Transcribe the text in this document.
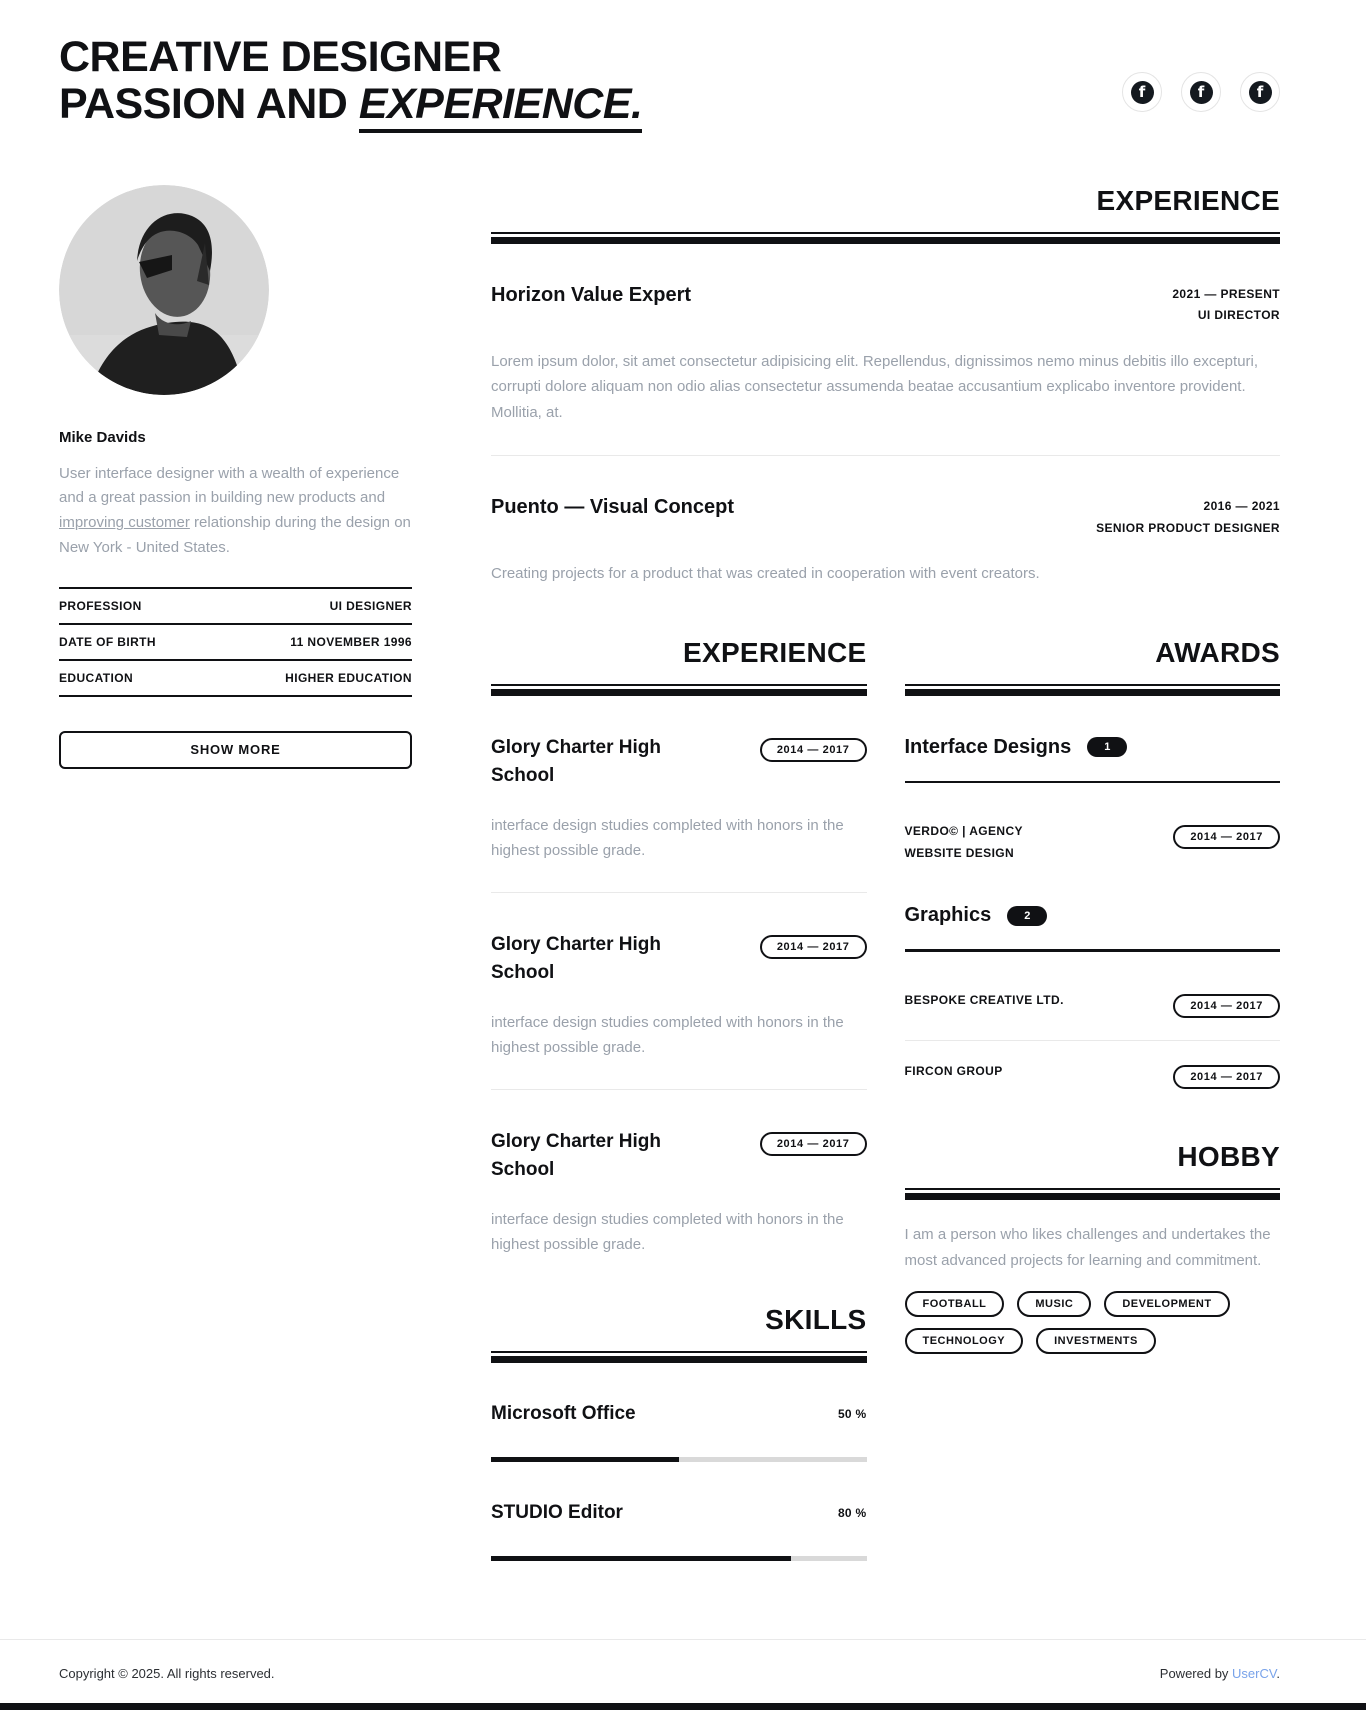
CREATIVE DESIGNER
PASSION AND EXPERIENCE.	f	f	f
Mike Davids

User interface designer with a wealth of experience and a great passion in building new products and improving customer relationship during the design on New York - United States.

PROFESSION	UI DESIGNER
DATE OF BIRTH	11 NOVEMBER 1996
EDUCATION	HIGHER EDUCATION
SHOW MORE
EXPERIENCE
Horizon Value Expert	2021 — PRESENT
UI DIRECTOR

Lorem ipsum dolor, sit amet consectetur adipisicing elit. Repellendus, dignissimos nemo minus debitis illo excepturi, corrupti dolore aliquam non odio alias consectetur assumenda beatae accusantium explicabo inventore provident. Mollitia, at.

Puento — Visual Concept	2016 — 2021
SENIOR PRODUCT DESIGNER

Creating projects for a product that was created in cooperation with event creators.

EXPERIENCE
Glory Charter High School
2014 — 2017

interface design studies completed with honors in the highest possible grade.

Glory Charter High School
2014 — 2017

interface design studies completed with honors in the highest possible grade.

Glory Charter High School
2014 — 2017

interface design studies completed with honors in the highest possible grade.

SKILLS
Microsoft Office	50 %
STUDIO Editor	80 %
AWARDS
Interface Designs	1
VERDO© | AGENCY
WEBSITE DESIGN
2014 — 2017
Graphics	2
BESPOKE CREATIVE LTD.	2014 — 2017
FIRCON GROUP	2014 — 2017
HOBBY

I am a person who likes challenges and undertakes the most advanced projects for learning and commitment.

FOOTBALL	MUSIC	DEVELOPMENT
TECHNOLOGY	INVESTMENTS
Copyright © 2025. All rights reserved.	Powered by UserCV.
